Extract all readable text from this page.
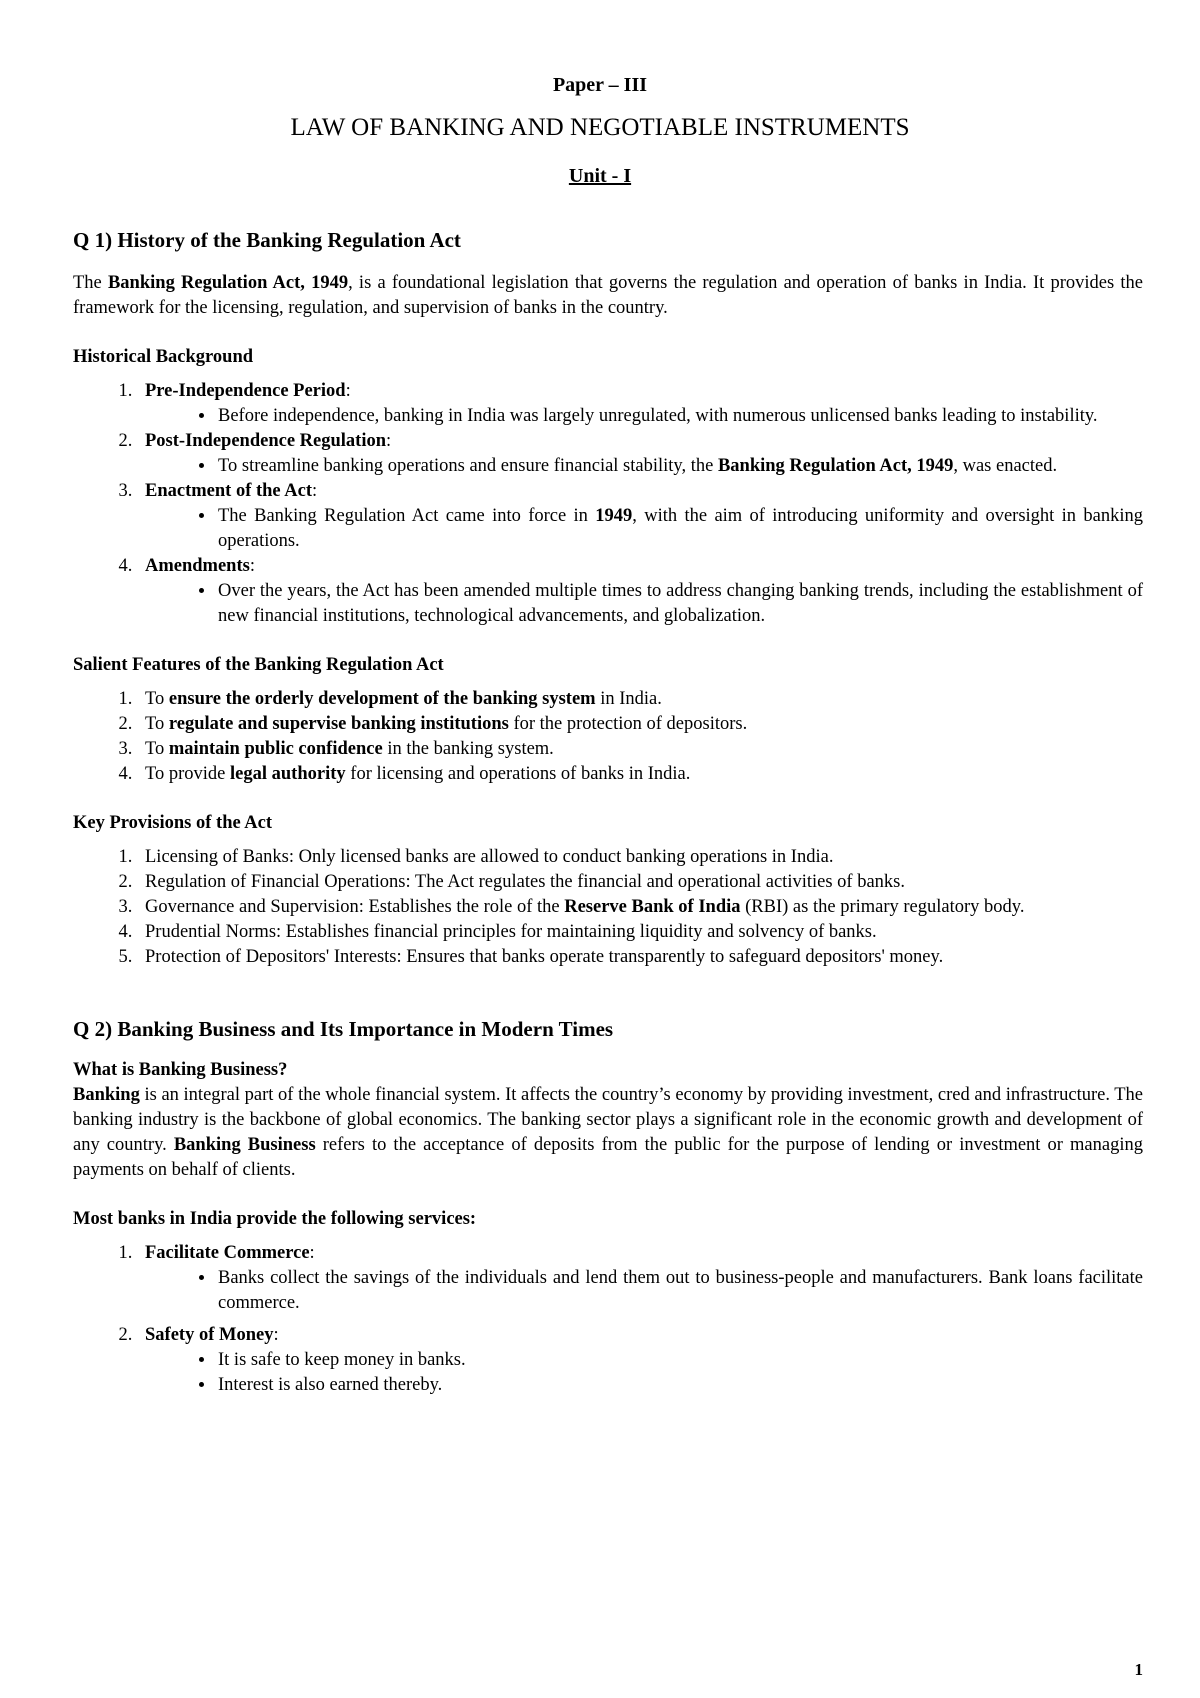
Paper – III
LAW OF BANKING AND NEGOTIABLE INSTRUMENTS
Unit - I

Q 1) History of the Banking Regulation Act

The Banking Regulation Act, 1949, is a foundational legislation that governs the regulation and operation of banks in India. It provides the framework for the licensing, regulation, and supervision of banks in the country.

Historical Background

1. Pre-Independence Period:
• Before independence, banking in India was largely unregulated, with numerous unlicensed banks leading to instability.
2. Post-Independence Regulation:
• To streamline banking operations and ensure financial stability, the Banking Regulation Act, 1949, was enacted.
3. Enactment of the Act:
• The Banking Regulation Act came into force in 1949, with the aim of introducing uniformity and oversight in banking operations.
4. Amendments:
• Over the years, the Act has been amended multiple times to address changing banking trends, including the establishment of new financial institutions, technological advancements, and globalization.

Salient Features of the Banking Regulation Act

1. To ensure the orderly development of the banking system in India.
2. To regulate and supervise banking institutions for the protection of depositors.
3. To maintain public confidence in the banking system.
4. To provide legal authority for licensing and operations of banks in India.

Key Provisions of the Act

1. Licensing of Banks: Only licensed banks are allowed to conduct banking operations in India.
2. Regulation of Financial Operations: The Act regulates the financial and operational activities of banks.
3. Governance and Supervision: Establishes the role of the Reserve Bank of India (RBI) as the primary regulatory body.
4. Prudential Norms: Establishes financial principles for maintaining liquidity and solvency of banks.
5. Protection of Depositors' Interests: Ensures that banks operate transparently to safeguard depositors' money.

Q 2) Banking Business and Its Importance in Modern Times

What is Banking Business?

Banking is an integral part of the whole financial system. It affects the country’s economy by providing investment, cred and infrastructure. The banking industry is the backbone of global economics. The banking sector plays a significant role in the economic growth and development of any country. Banking Business refers to the acceptance of deposits from the public for the purpose of lending or investment or managing payments on behalf of clients.

Most banks in India provide the following services:

1. Facilitate Commerce:
• Banks collect the savings of the individuals and lend them out to business-people and manufacturers. Bank loans facilitate commerce.
2. Safety of Money:
• It is safe to keep money in banks.
• Interest is also earned thereby.
1
